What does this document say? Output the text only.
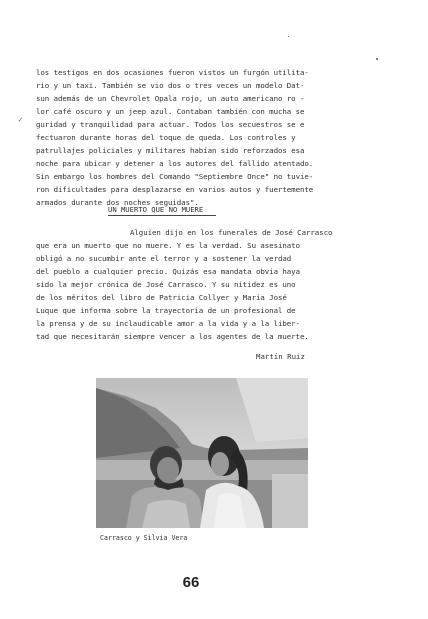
✓
los testigos en dos ocasiones fueron vistos un furgón utilita-
rio y un taxi. También se vio dos o tres veces un modelo Dat-
sun además de un Chevrolet Opala rojo, un auto americano ro -
lor café oscuro y un jeep azul. Contaban también con mucha se
guridad y tranquilidad para actuar. Todos los secuestros se e
fectuaron durante horas del toque de queda. Los controles y
patrullajes policiales y militares habían sido reforzados esa
noche para ubicar y detener a los autores del fallido atentado.
Sin embargo los hombres del Comando "Septiembre Once" no tuvie-
ron dificultades para desplazarse en varios autos y fuertemente
armados durante dos noches seguidas".
UN MUERTO QUE NO MUERE
Alguien dijo en los funerales de José Carrasco
que era un muerto que no muere. Y es la verdad. Su asesinato
obligó a no sucumbir ante el terror y a sostener la verdad
del pueblo a cualquier precio. Quizás esa mandata obvia haya
sido la mejor crónica de José Carrasco. Y su nitidez es uno
de los méritos del libro de Patricia Collyer y María José
Luque que informa sobre la trayectoria de un profesional de
la prensa y de su inclaudicable amor a la vida y a la liber-
tad que necesitarán siempre vencer a los agentes de la muerte.
Martín Ruiz
Carrasco y Silvia Vera
66
